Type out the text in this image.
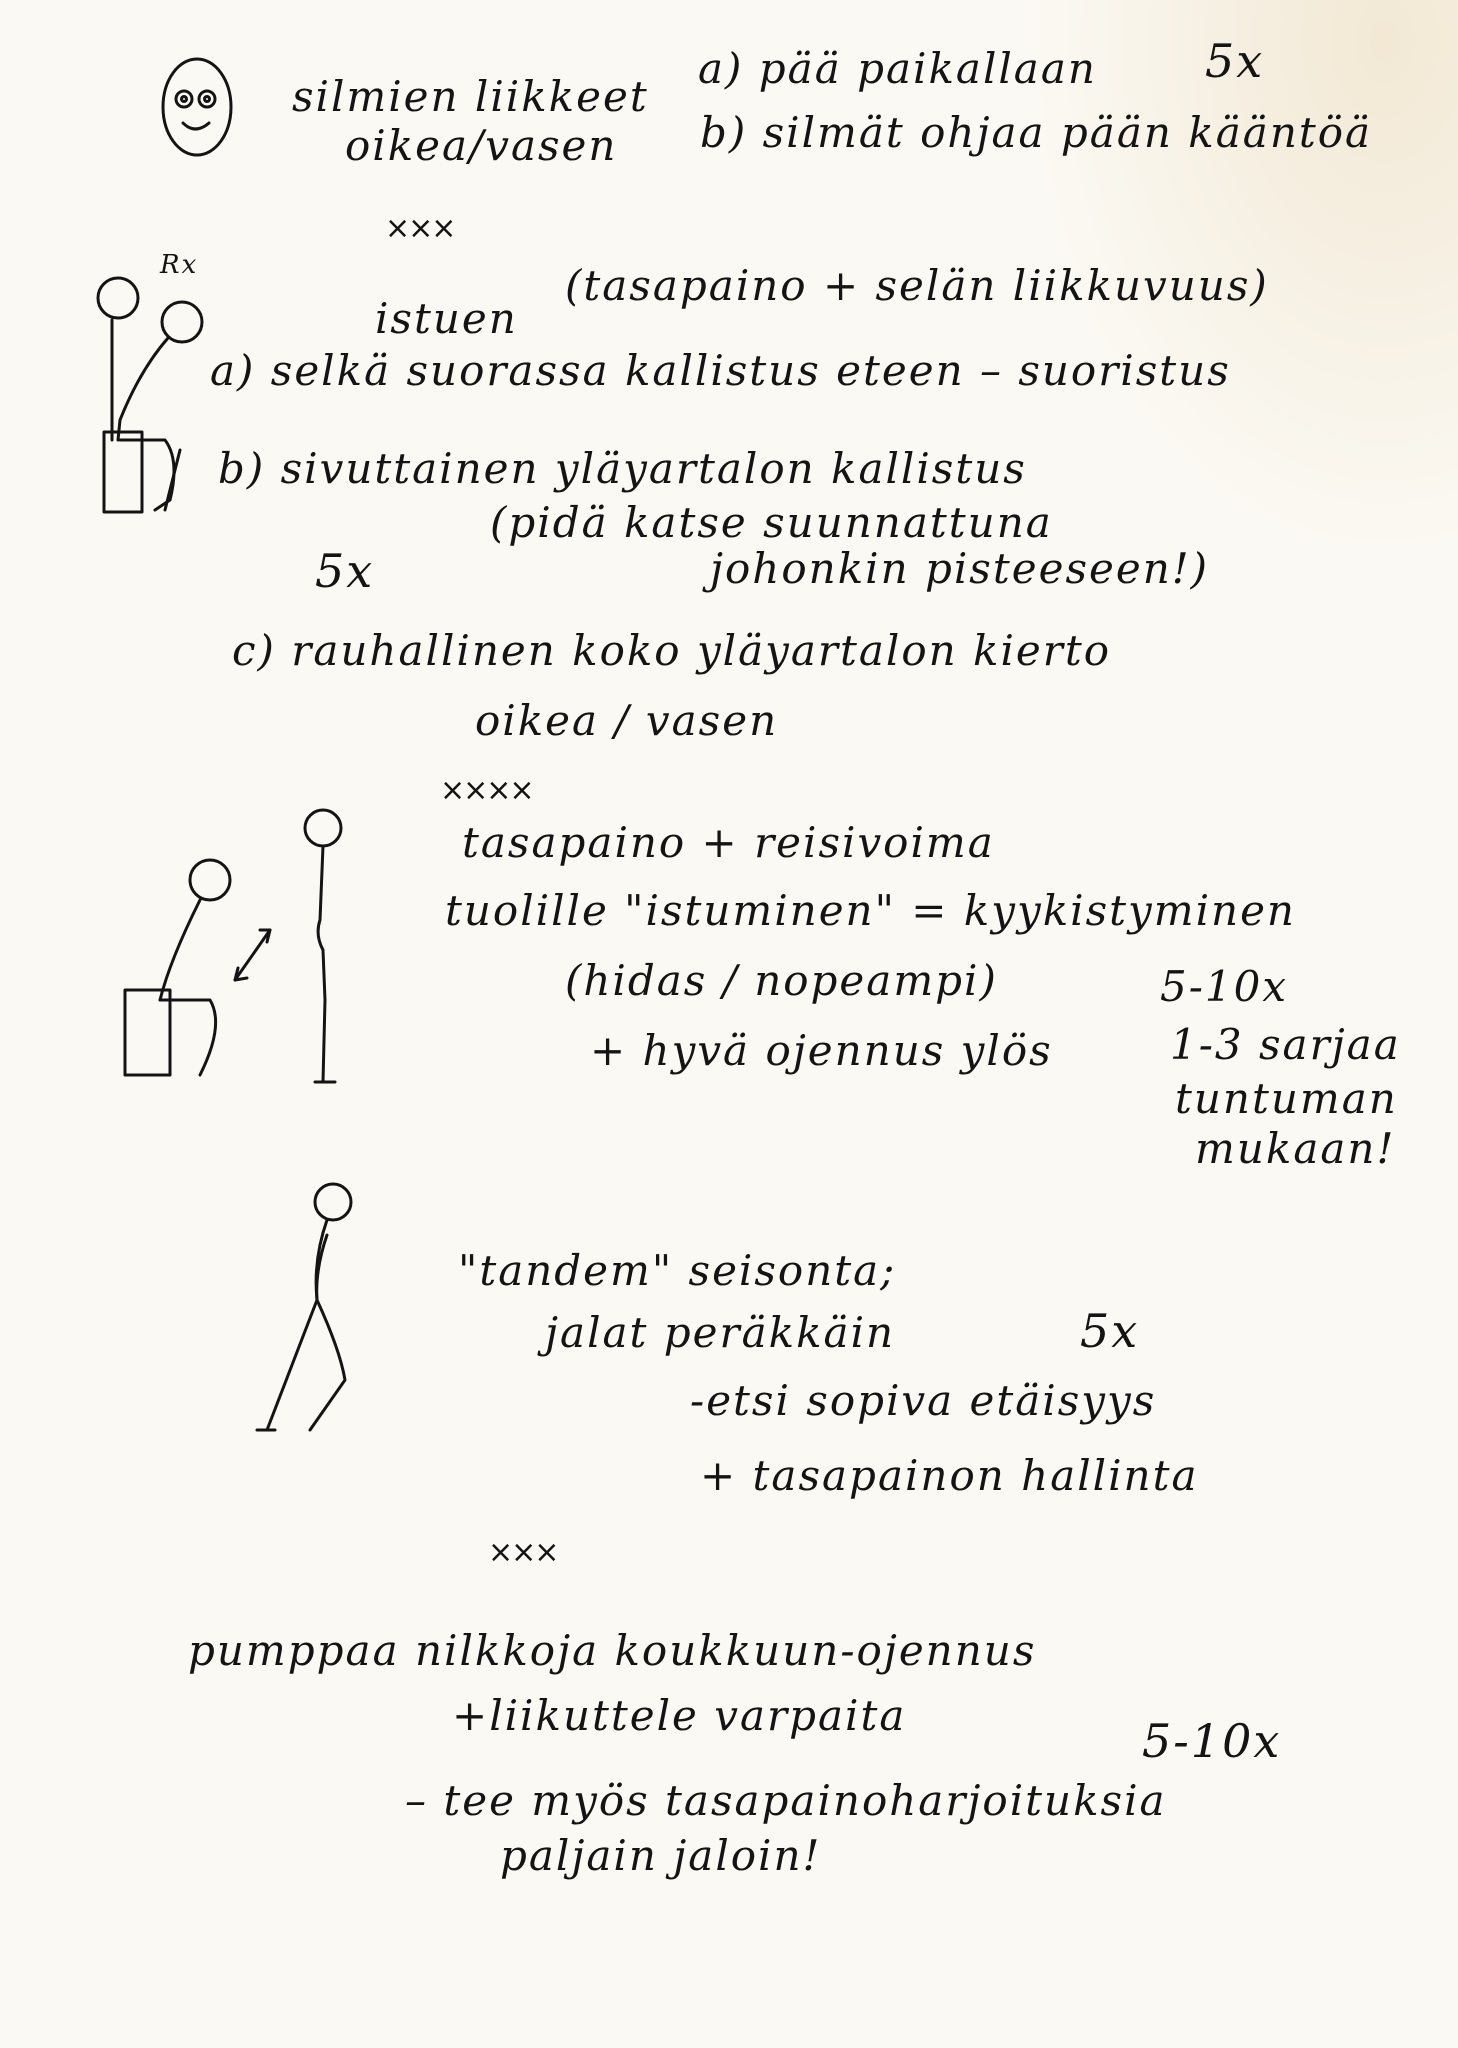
silmien liikkeet
oikea/vasen
a) pää paikallaan
b) silmät ohjaa pään kääntöä
5x
×××
Rx
istuen
(tasapaino + selän liikkuvuus)
a) selkä suorassa kallistus eteen – suoristus
b) sivuttainen yläyartalon kallistus
(pidä katse suunnattuna
johonkin pisteeseen!)
5x
c) rauhallinen koko yläyartalon kierto
oikea / vasen
××××
tasapaino + reisivoima
tuolille "istuminen" = kyykistyminen
(hidas / nopeampi)
+ hyvä ojennus ylös
5-10x
1-3 sarjaa
tuntuman
mukaan!
"tandem" seisonta;
jalat peräkkäin	5x
-etsi sopiva etäisyys
+ tasapainon hallinta
×××
pumppaa nilkkoja koukkuun-ojennus
+liikuttele varpaita	5-10x
– tee myös tasapainoharjoituksia
paljain jaloin!
